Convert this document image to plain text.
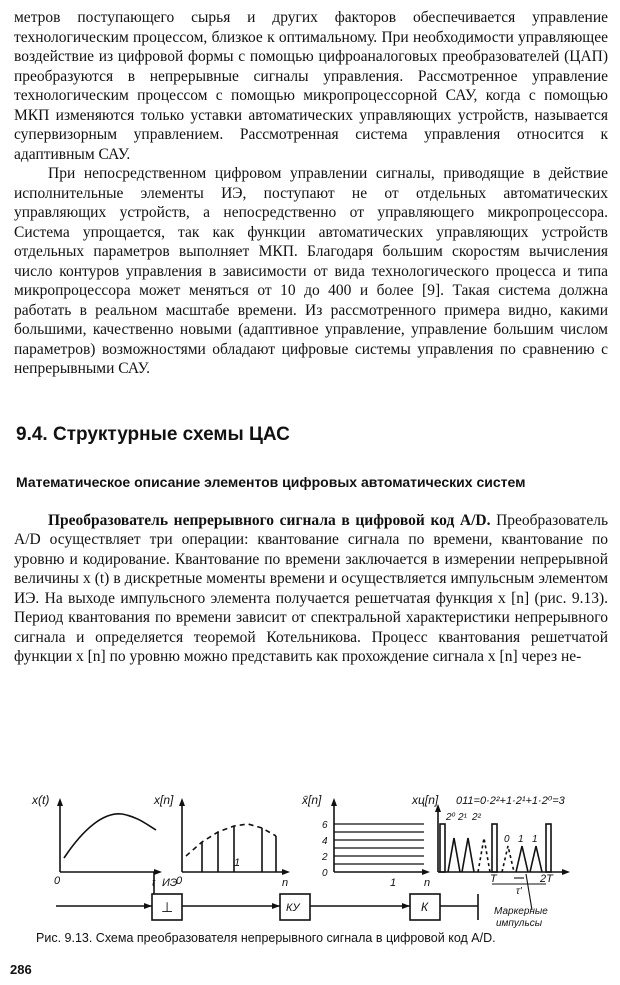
метров поступающего сырья и других факторов обеспечивается управление технологическим процессом, близкое к оптимальному. При необходимости управляющее воздействие из цифровой формы с помощью цифроаналоговых преобразователей (ЦАП) преобразуются в непрерывные сигналы управления. Рассмотренное управление технологическим процессом с помощью микропроцессорной САУ, когда с помощью МКП изменяются только уставки автоматических управляющих устройств, называется супервизорным управлением. Рассмотренная система управления относится к адаптивным САУ.

При непосредственном цифровом управлении сигналы, приводящие в действие исполнительные элементы ИЭ, поступают не от отдельных автоматических управляющих устройств, а непосредственно от управляющего микропроцессора. Система упрощается, так как функции автоматических управляющих устройств отдельных параметров выполняет МКП. Благодаря большим скоростям вычисления число контуров управления в зависимости от вида технологического процесса и типа микропроцессора может меняться от 10 до 400 и более [9]. Такая система должна работать в реальном масштабе времени. Из рассмотренного примера видно, какими большими, качественно новыми (адаптивное управление, управление большим числом параметров) возможностями обладают цифровые системы управления по сравнению с непрерывными САУ.

9.4. Структурные схемы ЦАС
Математическое описание элементов цифровых автоматических систем

Преобразователь непрерывного сигнала в цифровой код A/D. Преобразователь A/D осуществляет три операции: квантование сигнала по времени, квантование по уровню и кодирование. Квантование по времени заключается в измерении непрерывной величины x (t) в дискретные моменты времени и осуществляется импульсным элементом ИЭ. На выходе импульсного элемента получается решетчатая функция x [n] (рис. 9.13). Период квантования по времени зависит от спектральной характеристики непрерывного сигнала и определяется теоремой Котельникова. Процесс квантования решетчатой функции x [n] по уровню можно представить как прохождение сигнала x [n] через не-

x(t)	x[n]	x̄[n]	xц[n]
t ИЭ
0	0	n
1
6
4
2
0
1	n
011=0·2²+1·2¹+1·2⁰=3
2⁰ 2¹ 2²
0 1 1
T	2T
τ'
Маркерные
импульсы
⊥	КУ	К
Рис. 9.13. Схема преобразователя непрерывного сигнала в цифровой код A/D.
286
